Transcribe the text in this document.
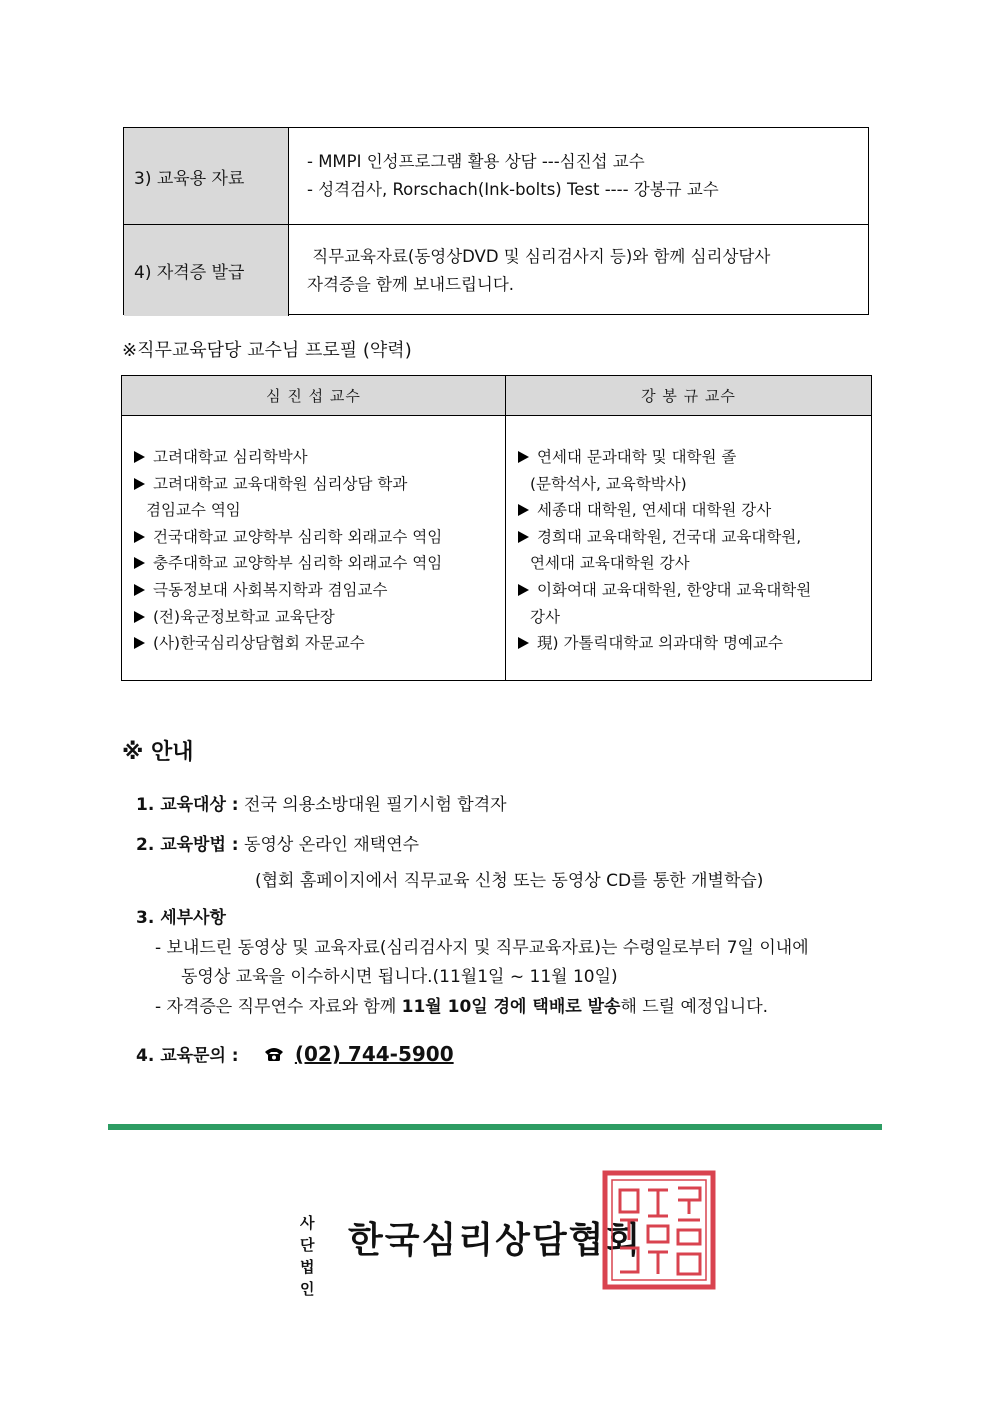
3) 교육용 자료
- MMPI 인성프로그램 활용 상담 ---심진섭 교수
- 성격검사, Rorschach(Ink-bolts) Test ---- 강봉규 교수
4) 자격증 발급
직무교육자료(동영상DVD 및 심리검사지 등)와 함께 심리상담사
자격증을 함께 보내드립니다.
※직무교육담당 교수님 프로필 (약력)
심 진 섭 교수	강 봉 규 교수
고려대학교 심리학박사
고려대학교 교육대학원 심리상담 학과
겸임교수 역임
건국대학교 교양학부 심리학 외래교수 역임
충주대학교 교양학부 심리학 외래교수 역임
극동정보대 사회복지학과 겸임교수
(전)육군정보학교 교육단장
(사)한국심리상담협회 자문교수
연세대 문과대학 및 대학원 졸
(문학석사, 교육학박사)
세종대 대학원, 연세대 대학원 강사
경희대 교육대학원, 건국대 교육대학원,
연세대 교육대학원 강사
이화여대 교육대학원, 한양대 교육대학원
강사
現) 가톨릭대학교 의과대학 명예교수
※ 안내
1. 교육대상 : 전국 의용소방대원 필기시험 합격자
2. 교육방법 : 동영상 온라인 재택연수
(협회 홈페이지에서 직무교육 신청 또는 동영상 CD를 통한 개별학습)
3. 세부사항
- 보내드린 동영상 및 교육자료(심리검사지 및 직무교육자료)는 수령일로부터 7일 이내에
동영상 교육을 이수하시면 됩니다.(11월1일 ~ 11월 10일)
- 자격증은 직무연수 자료와 함께 11월 10일 경에 택배로 발송해 드릴 예정입니다.
4. 교육문의 :	(02) 744-5900
사단
법인
한국심리상담협회
